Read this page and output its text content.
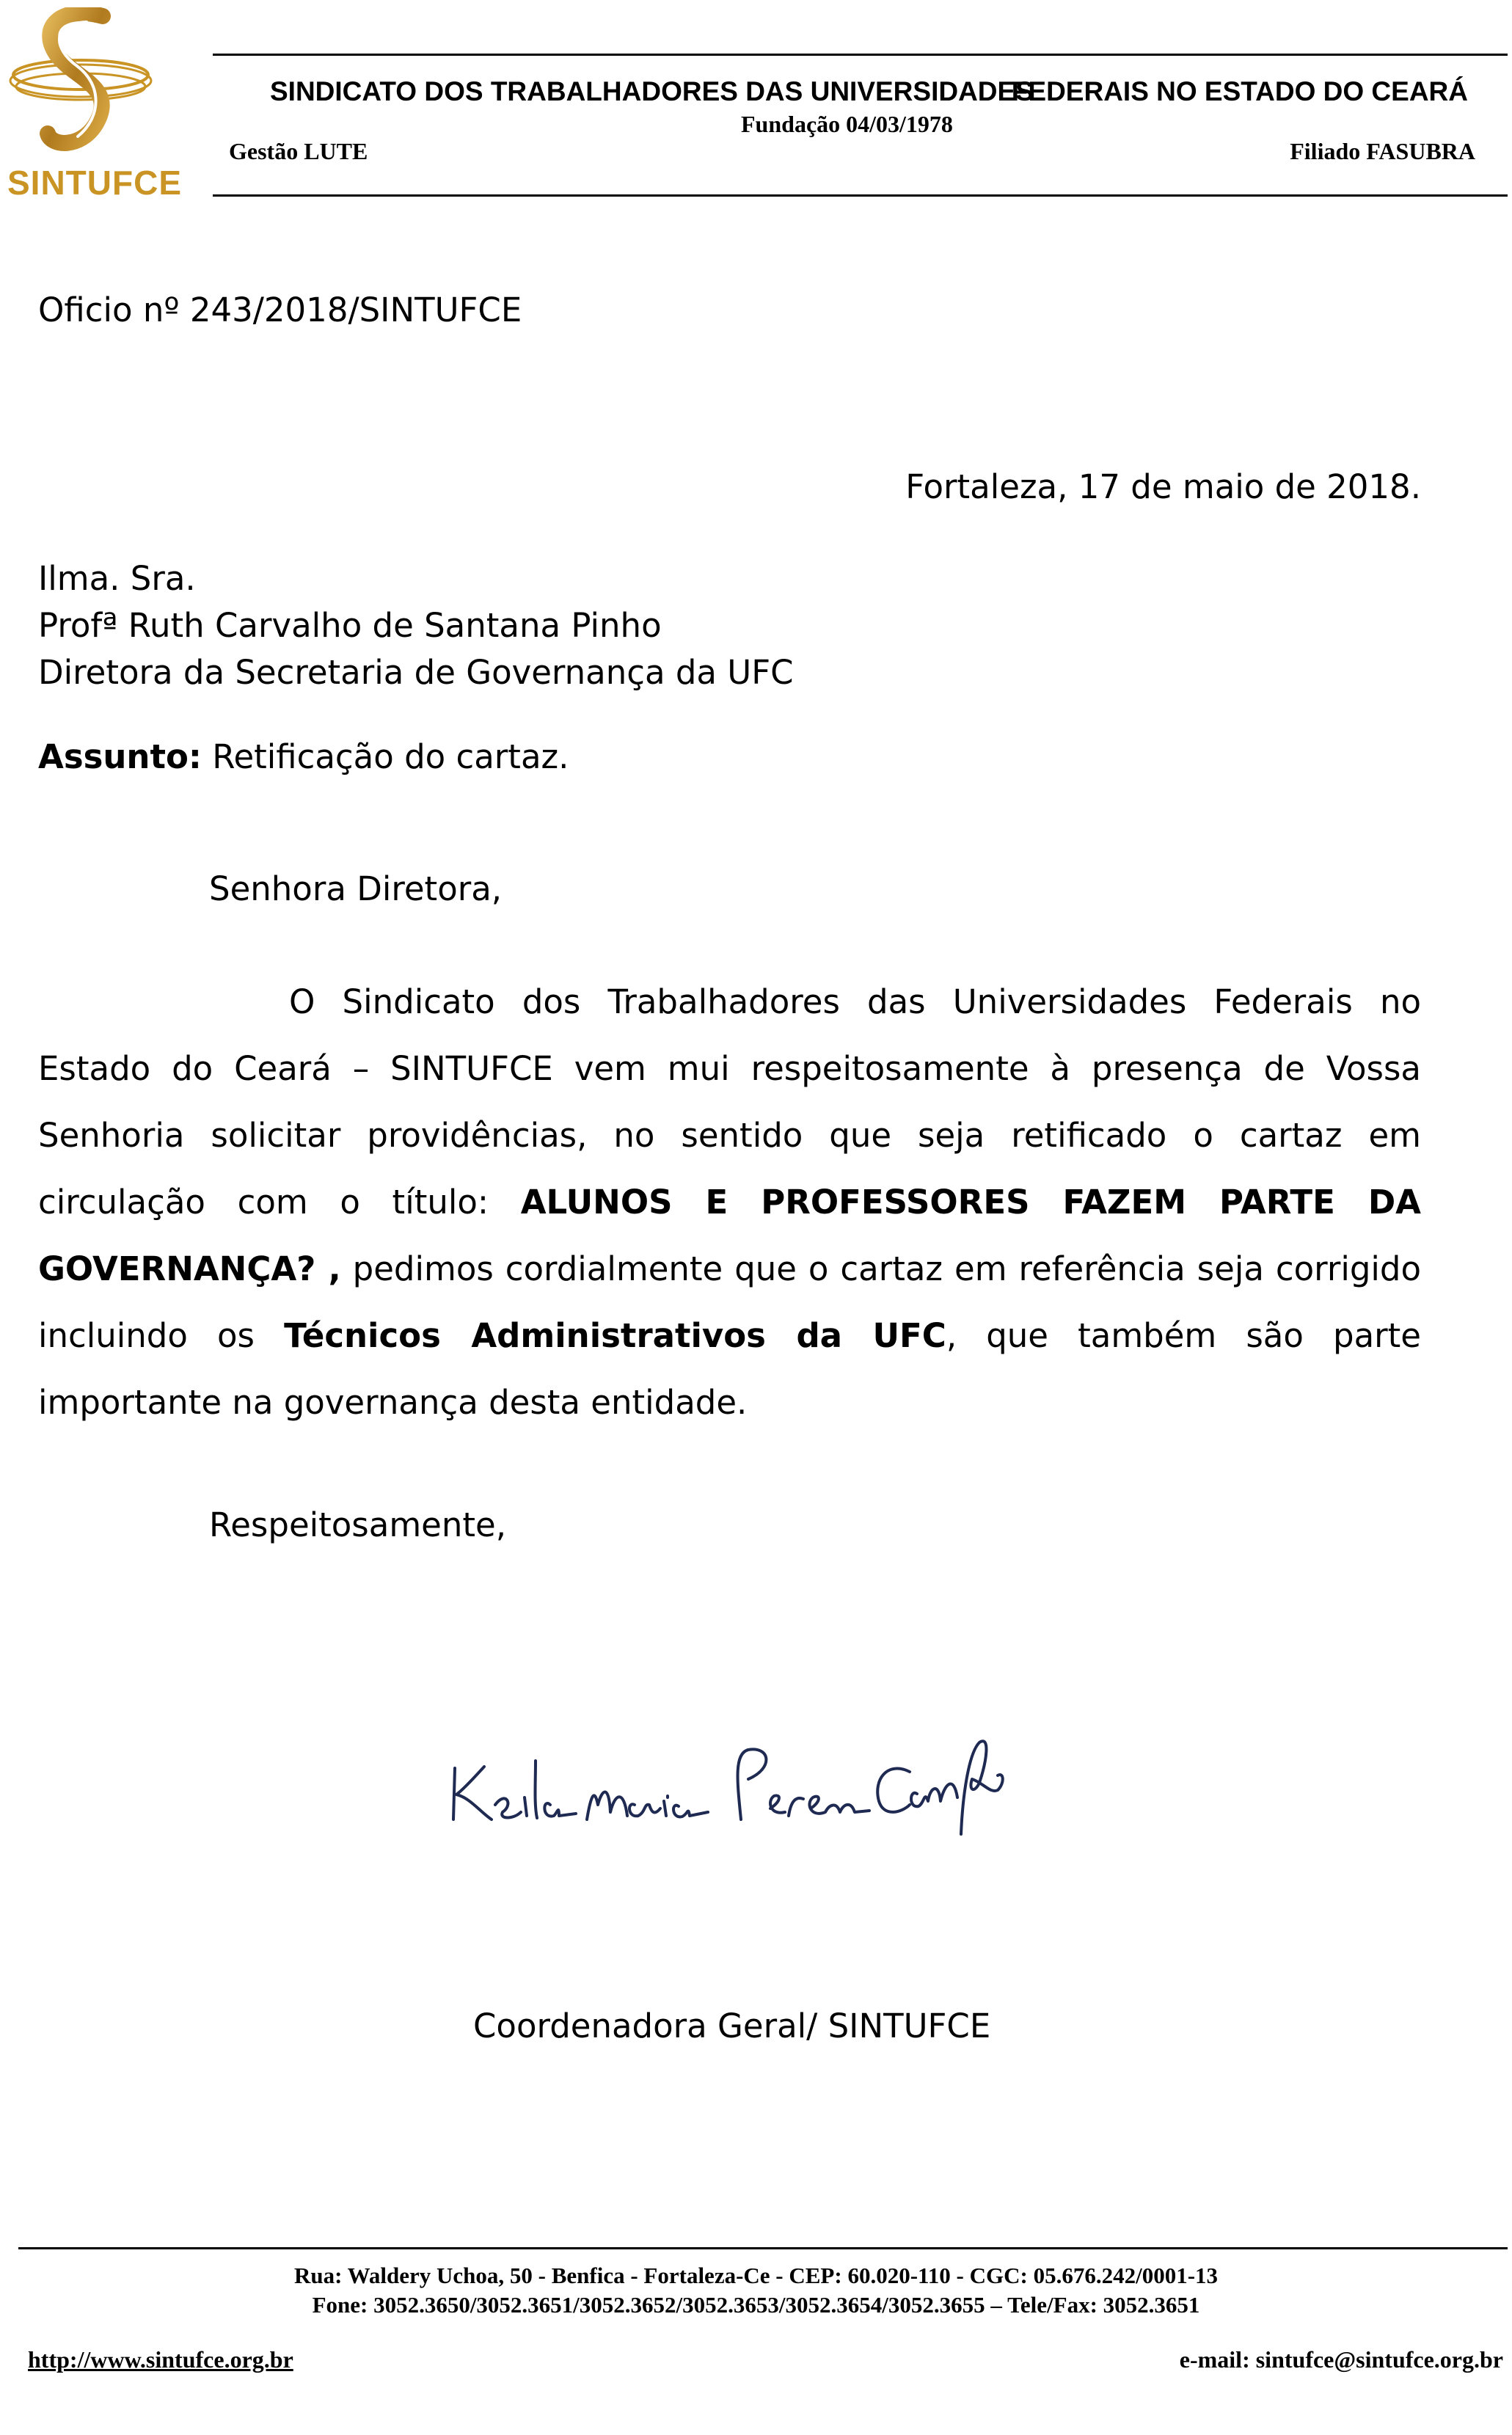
SINTUFCE
SINDICATO DOS TRABALHADORES DAS UNIVERSIDADES
FEDERAIS NO ESTADO DO CEARÁ
Fundação 04/03/1978
Gestão LUTE	Filiado FASUBRA
Oficio nº 243/2018/SINTUFCE
Fortaleza, 17 de maio de 2018.
Ilma. Sra.
Profª Ruth Carvalho de Santana Pinho
Diretora da Secretaria de Governança da UFC
Assunto: Retificação do cartaz.
Senhora Diretora,

O Sindicato dos Trabalhadores das Universidades Federais no Estado do Ceará – SINTUFCE vem mui respeitosamente à presença de Vossa Senhoria solicitar providências, no sentido que seja retificado o cartaz em circulação com o título: ALUNOS E PROFESSORES FAZEM PARTE DA GOVERNANÇA? , pedimos cordialmente que o cartaz em referência seja corrigido incluindo os Técnicos Administrativos da UFC, que também são parte importante na governança desta entidade.

Respeitosamente,
Coordenadora Geral/ SINTUFCE
Rua: Waldery Uchoa, 50 - Benfica - Fortaleza-Ce - CEP: 60.020-110 - CGC: 05.676.242/0001-13
Fone: 3052.3650/3052.3651/3052.3652/3052.3653/3052.3654/3052.3655 – Tele/Fax: 3052.3651
http://www.sintufce.org.br	e-mail: sintufce@sintufce.org.br
